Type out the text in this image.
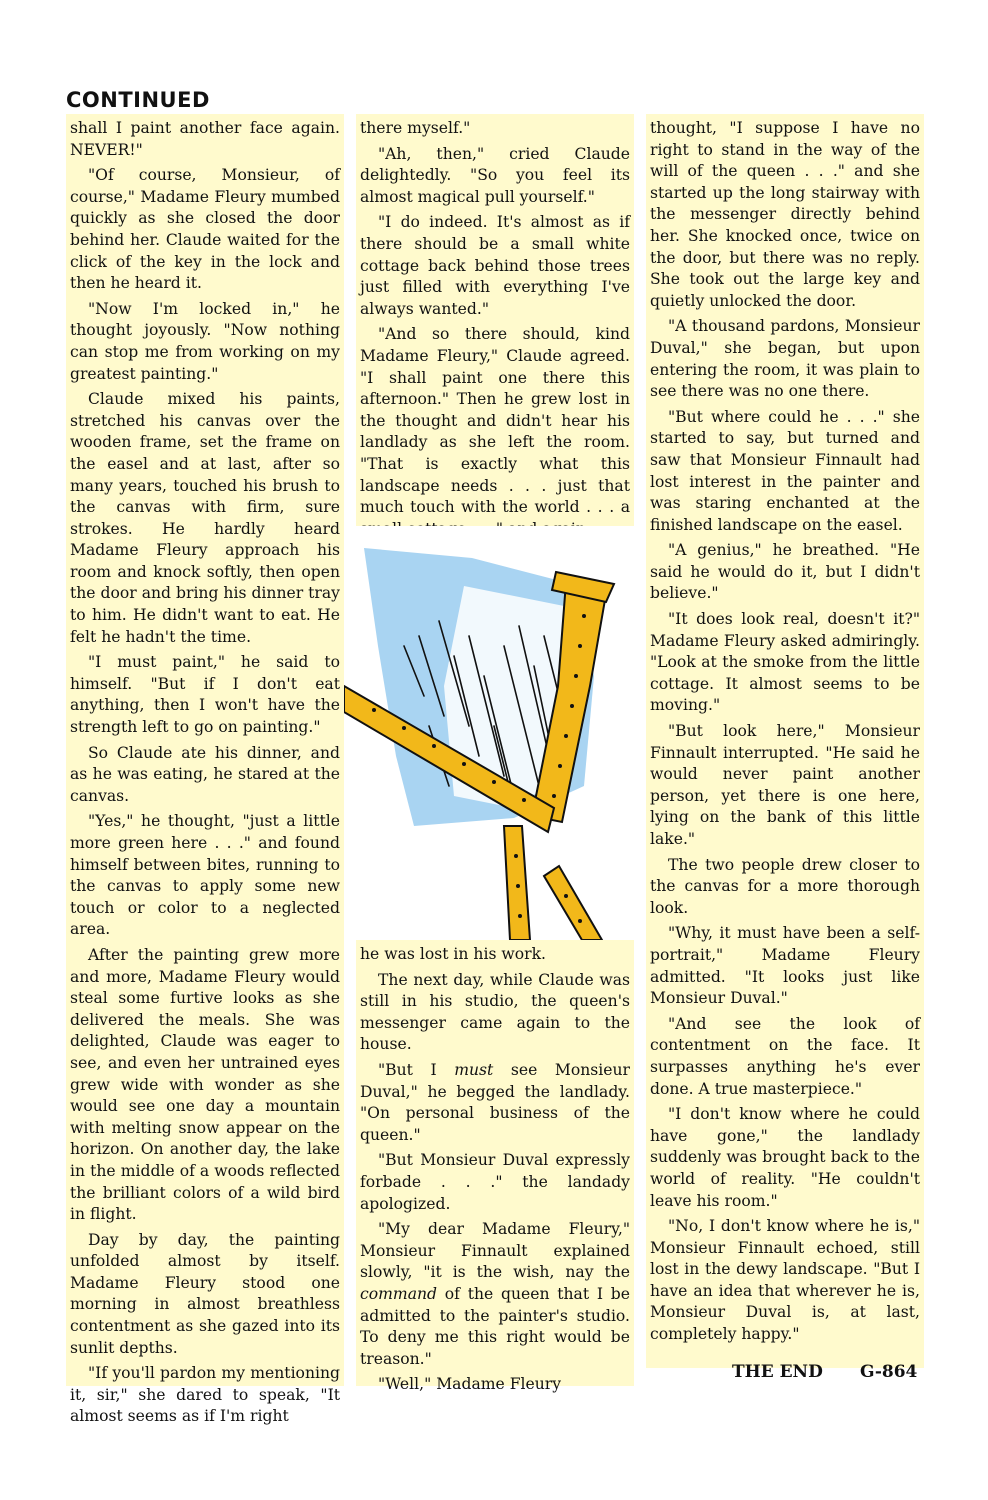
CONTINUED

shall I paint another face again. NEVER!"

"Of course, Monsieur, of course," Madame Fleury mumbed quickly as she closed the door behind her. Claude waited for the click of the key in the lock and then he heard it.

"Now I'm locked in," he thought joyously. "Now nothing can stop me from working on my greatest painting."

Claude mixed his paints, stretched his canvas over the wooden frame, set the frame on the easel and at last, after so many years, touched his brush to the canvas with firm, sure strokes. He hardly heard Madame Fleury approach his room and knock softly, then open the door and bring his dinner tray to him. He didn't want to eat. He felt he hadn't the time.

"I must paint," he said to himself. "But if I don't eat anything, then I won't have the strength left to go on painting."

So Claude ate his dinner, and as he was eating, he stared at the canvas.

"Yes," he thought, "just a little more green here . . ." and found himself between bites, running to the canvas to apply some new touch or color to a neglected area.

After the painting grew more and more, Madame Fleury would steal some furtive looks as she delivered the meals. She was delighted, Claude was eager to see, and even her untrained eyes grew wide with wonder as she would see one day a mountain with melting snow appear on the horizon. On another day, the lake in the middle of a woods reflected the brilliant colors of a wild bird in flight.

Day by day, the painting unfolded almost by itself. Madame Fleury stood one morning in almost breathless contentment as she gazed into its sunlit depths.

"If you'll pardon my mentioning it, sir," she dared to speak, "It almost seems as if I'm right

there myself."

"Ah, then," cried Claude delightedly. "So you feel its almost magical pull yourself."

"I do indeed. It's almost as if there should be a small white cottage back behind those trees just filled with everything I've always wanted."

"And so there should, kind Madame Fleury," Claude agreed. "I shall paint one there this afternoon." Then he grew lost in the thought and didn't hear his landlady as she left the room. "That is exactly what this landscape needs . . . just that much touch with the world . . . a

he was lost in his work.

The next day, while Claude was still in his studio, the queen's messenger came again to the house.

"But I must see Monsieur Duval," he begged the landlady. "On personal business of the queen."

"But Monsieur Duval expressly forbade . . ." the landady apologized.

"My dear Madame Fleury," Monsieur Finnault explained slowly, "it is the wish, nay the command of the queen that I be admitted to the painter's studio. To deny me this right would be treason."

"Well," Madame Fleury

thought, "I suppose I have no right to stand in the way of the will of the queen . . ." and she started up the long stairway with the messenger directly behind her. She knocked once, twice on the door, but there was no reply. She took out the large key and quietly unlocked the door.

"A thousand pardons, Monsieur Duval," she began, but upon entering the room, it was plain to see there was no one there.

"But where could he . . ." she started to say, but turned and saw that Monsieur Finnault had lost interest in the painter and was staring enchanted at the finished landscape on the easel.

"A genius," he breathed. "He said he would do it, but I didn't believe."

"It does look real, doesn't it?" Madame Fleury asked admiringly. "Look at the smoke from the little cottage. It almost seems to be moving."

"But look here," Monsieur Finnault interrupted. "He said he would never paint another person, yet there is one here, lying on the bank of this little lake."

The two people drew closer to the canvas for a more thorough look.

"Why, it must have been a self-portrait," Madame Fleury admitted. "It looks just like Monsieur Duval."

"And see the look of contentment on the face. It surpasses anything he's ever done. A true masterpiece."

"I don't know where he could have gone," the landlady suddenly was brought back to the world of reality. "He couldn't leave his room."

"No, I don't know where he is," Monsieur Finnault echoed, still lost in the dewy landscape. "But I have an idea that wherever he is, Monsieur Duval is, at last, completely happy."

THE END G-864
